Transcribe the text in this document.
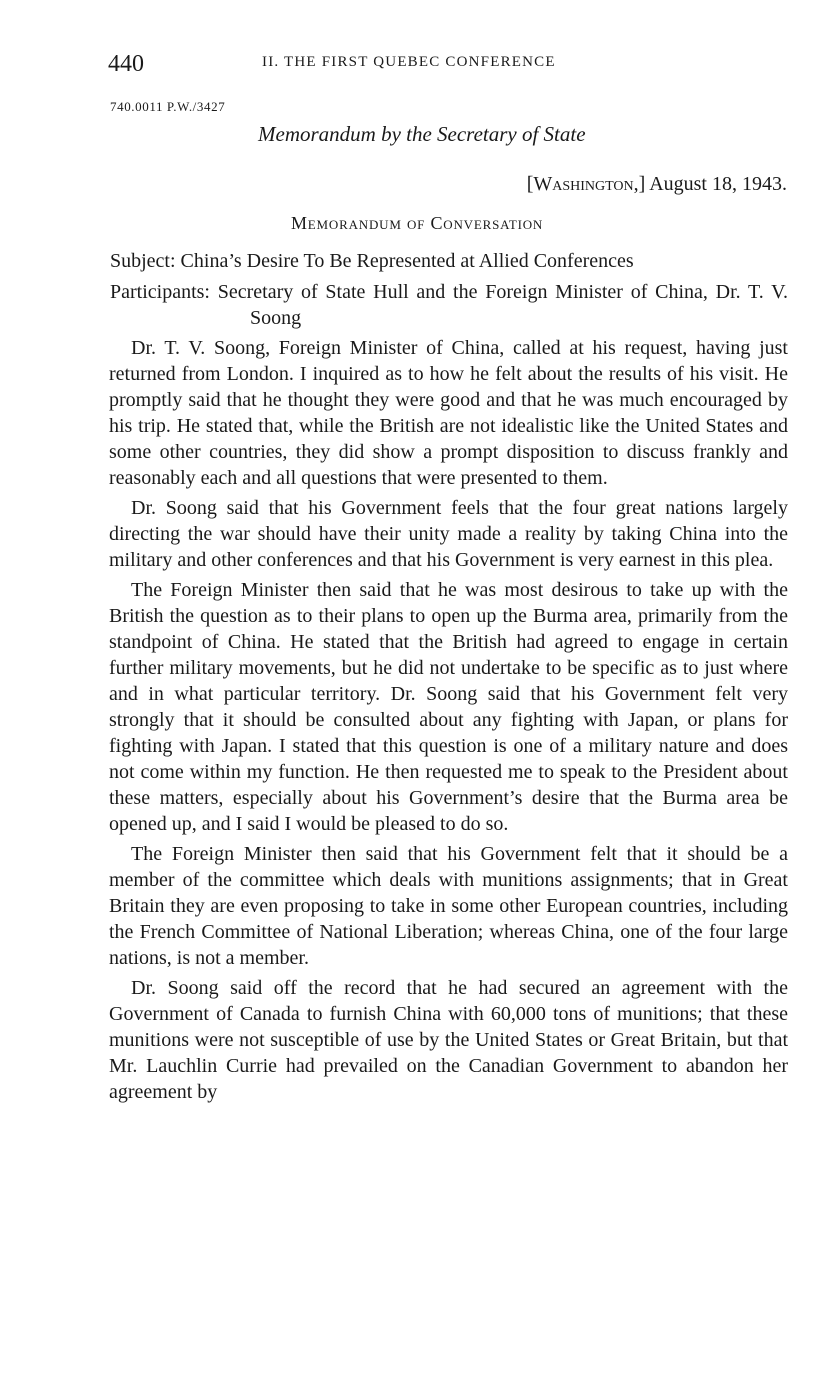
440	II. THE FIRST QUEBEC CONFERENCE
740.0011 P.W./3427
Memorandum by the Secretary of State
[Washington,] August 18, 1943.
Memorandum of Conversation
Subject: China’s Desire To Be Represented at Allied Conferences
Participants: Secretary of State Hull and the Foreign Minister of China, Dr. T. V. Soong

Dr. T. V. Soong, Foreign Minister of China, called at his request, having just returned from London. I inquired as to how he felt about the results of his visit. He promptly said that he thought they were good and that he was much encouraged by his trip. He stated that, while the British are not idealistic like the United States and some other countries, they did show a prompt disposition to discuss frankly and reasonably each and all questions that were presented to them.

Dr. Soong said that his Government feels that the four great nations largely directing the war should have their unity made a reality by taking China into the military and other conferences and that his Government is very earnest in this plea.

The Foreign Minister then said that he was most desirous to take up with the British the question as to their plans to open up the Burma area, primarily from the standpoint of China. He stated that the British had agreed to engage in certain further military movements, but he did not undertake to be specific as to just where and in what particular territory. Dr. Soong said that his Government felt very strongly that it should be consulted about any fighting with Japan, or plans for fighting with Japan. I stated that this question is one of a military nature and does not come within my function. He then requested me to speak to the President about these matters, especially about his Government’s desire that the Burma area be opened up, and I said I would be pleased to do so.

The Foreign Minister then said that his Government felt that it should be a member of the committee which deals with munitions assignments; that in Great Britain they are even proposing to take in some other European countries, including the French Committee of National Liberation; whereas China, one of the four large nations, is not a member.

Dr. Soong said off the record that he had secured an agreement with the Government of Canada to furnish China with 60,000 tons of munitions; that these munitions were not susceptible of use by the United States or Great Britain, but that Mr. Lauchlin Currie had prevailed on the Canadian Government to abandon her agreement by
